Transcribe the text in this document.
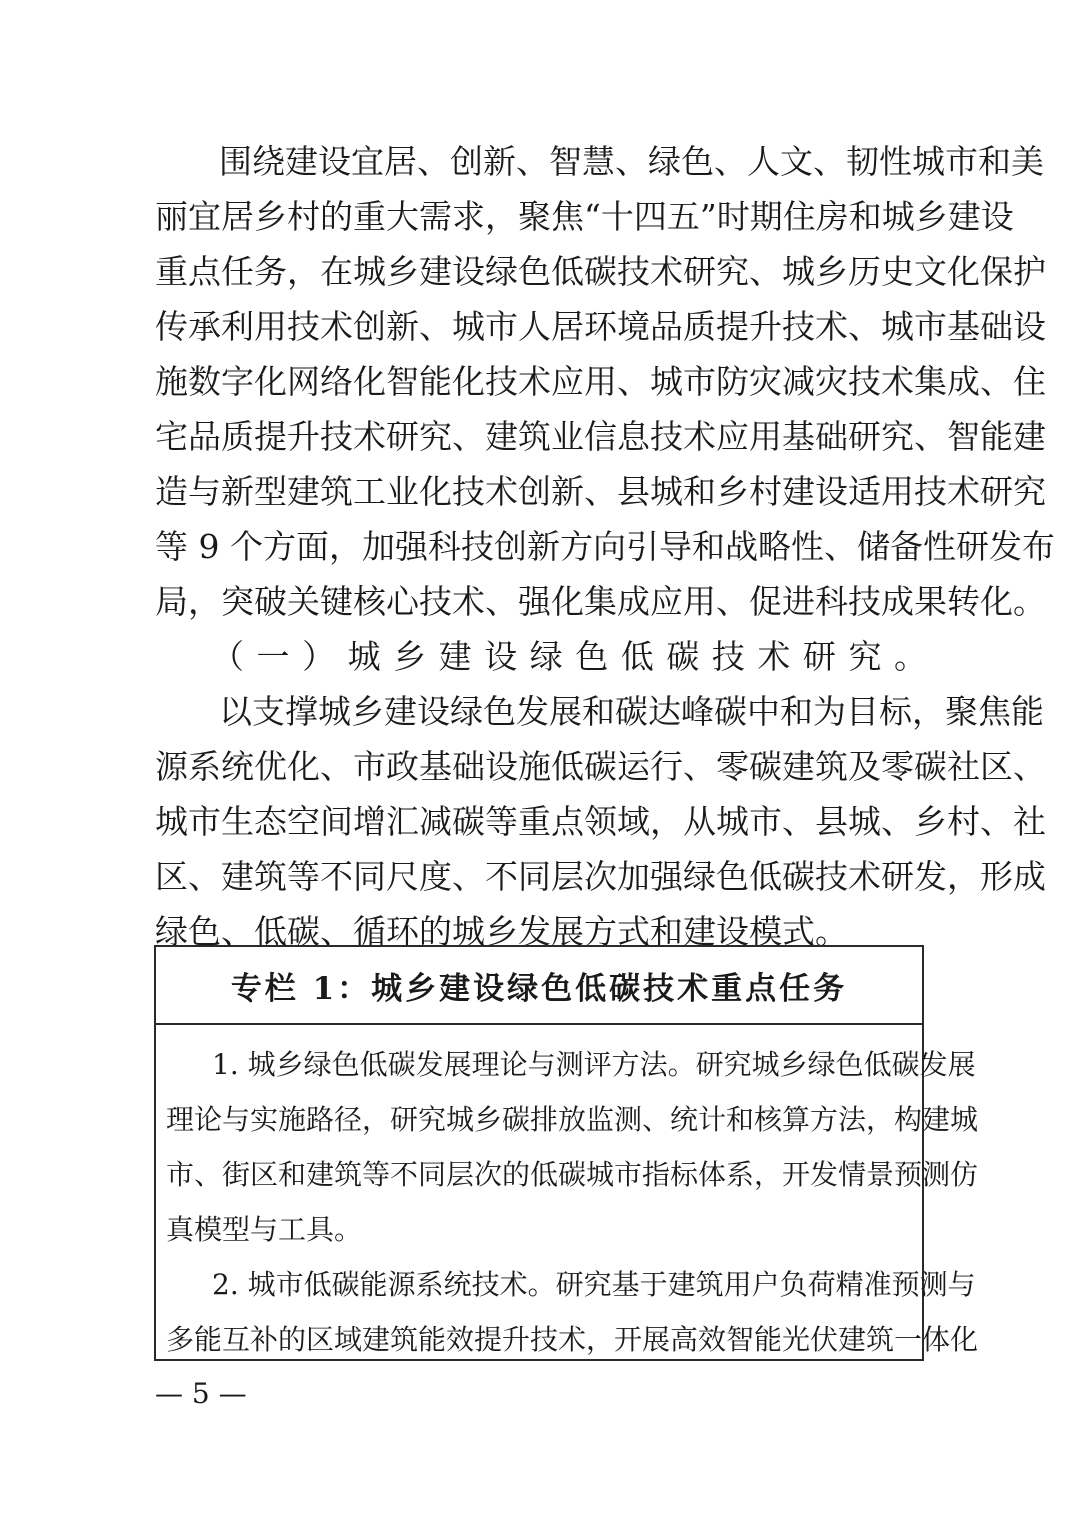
围绕建设宜居、创新、智慧、绿色、人文、韧性城市和美
丽宜居乡村的重大需求，聚焦“十四五”时期住房和城乡建设
重点任务，在城乡建设绿色低碳技术研究、城乡历史文化保护
传承利用技术创新、城市人居环境品质提升技术、城市基础设
施数字化网络化智能化技术应用、城市防灾减灾技术集成、住
宅品质提升技术研究、建筑业信息技术应用基础研究、智能建
造与新型建筑工业化技术创新、县城和乡村建设适用技术研究
等 9 个方面，加强科技创新方向引导和战略性、储备性研发布
局，突破关键核心技术、强化集成应用、促进科技成果转化。

（一）城乡建设绿色低碳技术研究。

以支撑城乡建设绿色发展和碳达峰碳中和为目标，聚焦能
源系统优化、市政基础设施低碳运行、零碳建筑及零碳社区、
城市生态空间增汇减碳等重点领域，从城市、县城、乡村、社
区、建筑等不同尺度、不同层次加强绿色低碳技术研发，形成
绿色、低碳、循环的城乡发展方式和建设模式。

专栏 1：城乡建设绿色低碳技术重点任务

1. 城乡绿色低碳发展理论与测评方法。研究城乡绿色低碳发展
理论与实施路径，研究城乡碳排放监测、统计和核算方法，构建城
市、街区和建筑等不同层次的低碳城市指标体系，开发情景预测仿
真模型与工具。

2. 城市低碳能源系统技术。研究基于建筑用户负荷精准预测与
多能互补的区域建筑能效提升技术，开展高效智能光伏建筑一体化

— 5 —
